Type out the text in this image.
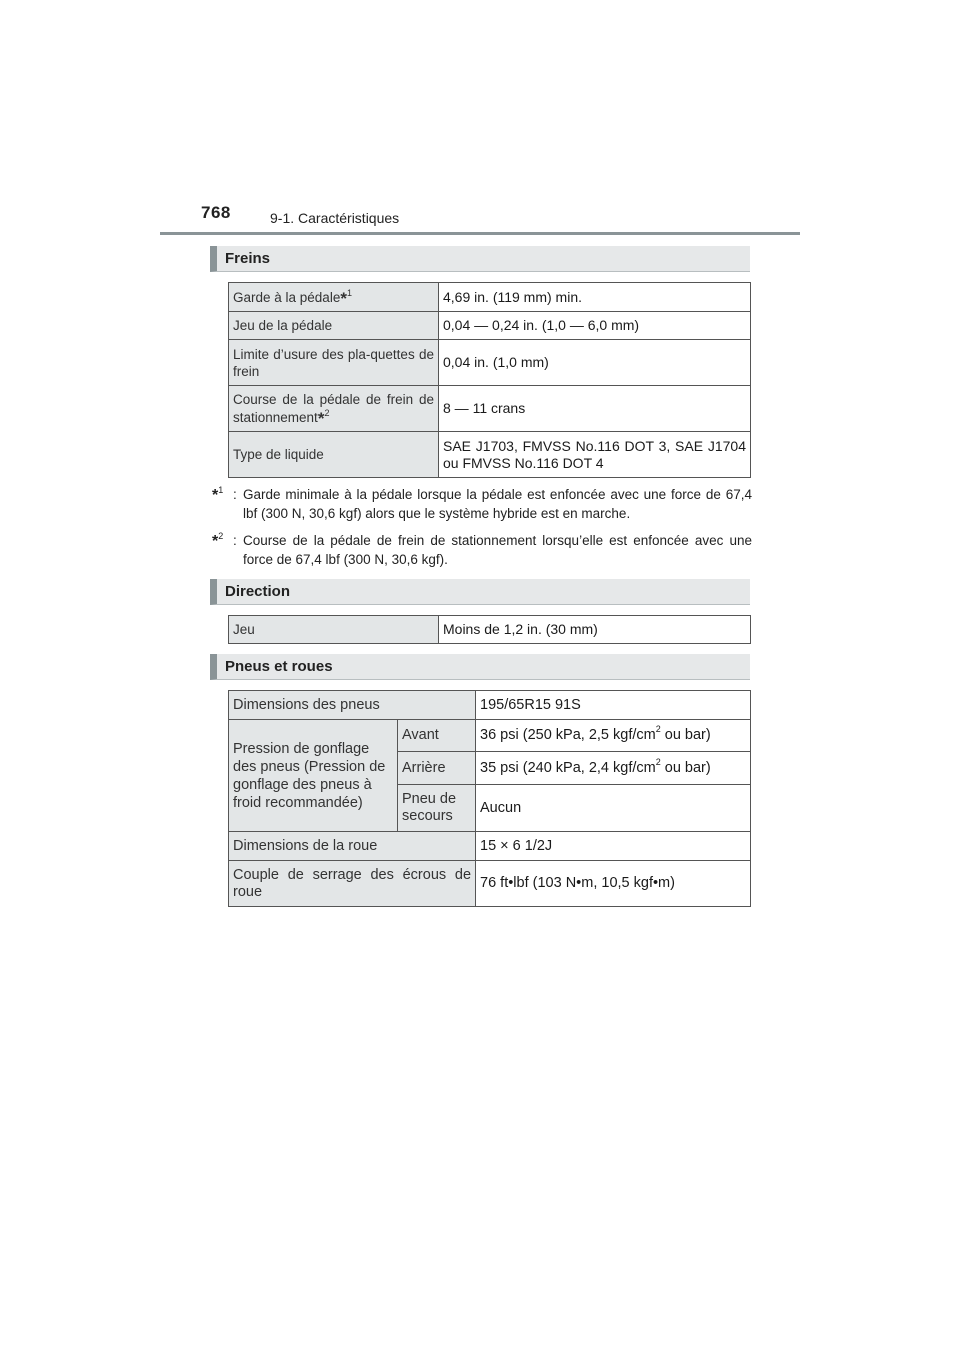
768	9-1. Caractéristiques
Freins
Garde à la pédale*$^1$	4,69 in. (119 mm) min.
Jeu de la pédale	0,04 — 0,24 in. (1,0 — 6,0 mm)
Limite d’usure des pla-quettes de frein	0,04 in. (1,0 mm)
Course de la pédale de frein de stationnement*$^2$	8 — 11 crans
Type de liquide	SAE J1703, FMVSS No.116 DOT 3, SAE J1704 ou FMVSS No.116 DOT 4
*$^1$ : Garde minimale à la pédale lorsque la pédale est enfoncée avec une force de 67,4 lbf (300 N, 30,6 kgf) alors que le système hybride est en marche.
*$^2$ : Course de la pédale de frein de stationnement lorsqu’elle est enfoncée avec une force de 67,4 lbf (300 N, 30,6 kgf).
Direction
Jeu	Moins de 1,2 in. (30 mm)
Pneus et roues
Dimensions des pneus		195/65R15 91S
Pression de gonflage des pneus (Pression de gonflage des pneus à froid recommandée)	Avant	36 psi (250 kPa, 2,5 kgf/$cm^2$ ou bar)
	Arrière	35 psi (240 kPa, 2,4 kgf/$cm^2$ ou bar)
	Pneu de secours	Aucun
Dimensions de la roue		15 × 6 1/2J
Couple de serrage des écrous de roue		76 ft•lbf (103 N•m, 10,5 kgf•m)
